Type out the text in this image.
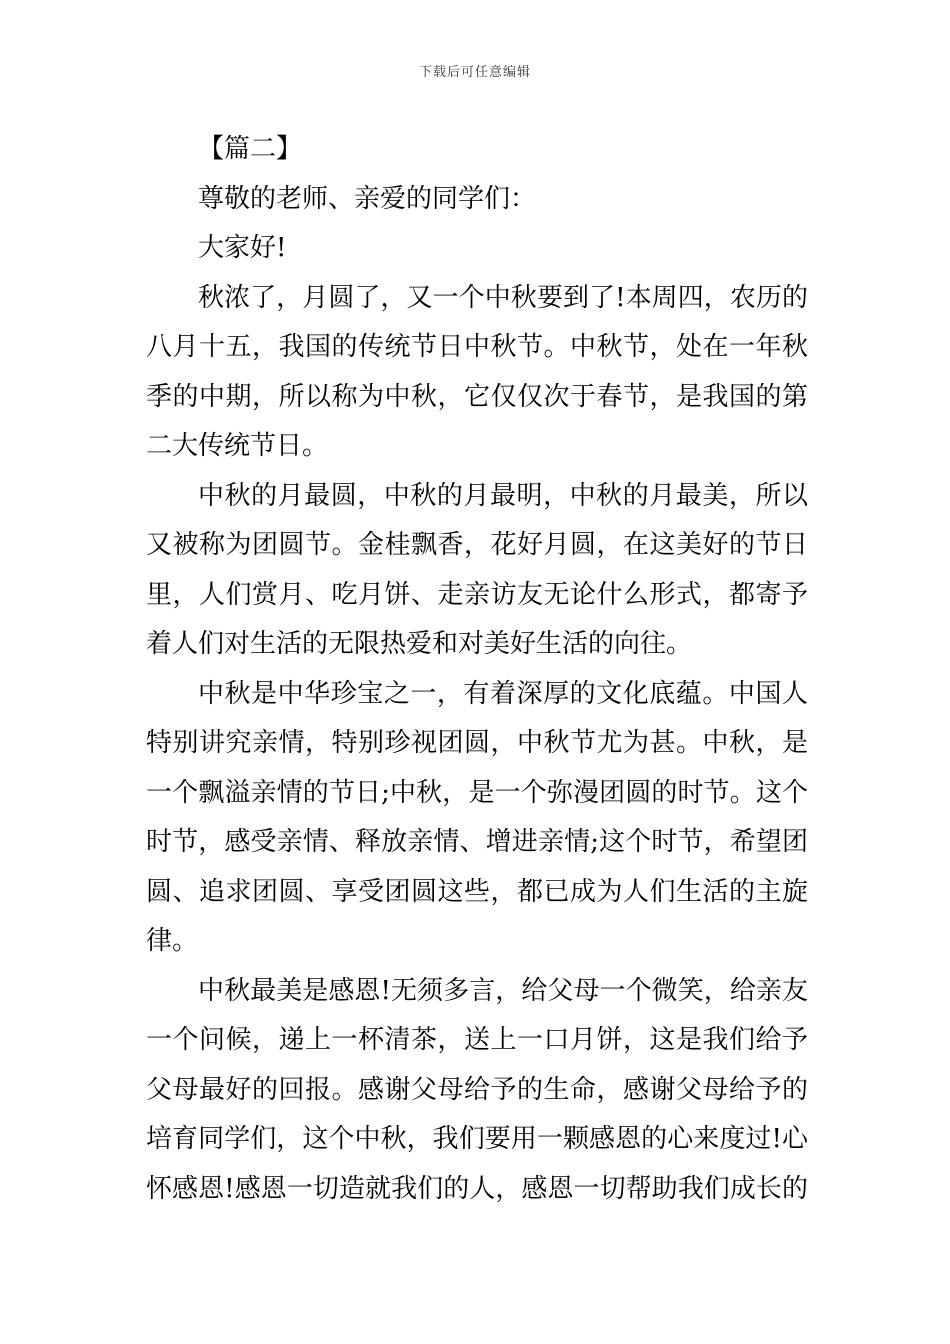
下载后可任意编辑
【篇二】
尊敬的老师、亲爱的同学们：
大家好!
秋浓了，月圆了，又一个中秋要到了!本周四，农历的
八月十五，我国的传统节日中秋节。中秋节，处在一年秋
季的中期，所以称为中秋，它仅仅次于春节，是我国的第
二大传统节日。
中秋的月最圆，中秋的月最明，中秋的月最美，所以
又被称为团圆节。金桂飘香，花好月圆，在这美好的节日
里，人们赏月、吃月饼、走亲访友无论什么形式，都寄予
着人们对生活的无限热爱和对美好生活的向往。
中秋是中华珍宝之一，有着深厚的文化底蕴。中国人
特别讲究亲情，特别珍视团圆，中秋节尤为甚。中秋，是
一个飘溢亲情的节日;中秋，是一个弥漫团圆的时节。这个
时节，感受亲情、释放亲情、增进亲情;这个时节，希望团
圆、追求团圆、享受团圆这些，都已成为人们生活的主旋
律。
中秋最美是感恩!无须多言，给父母一个微笑，给亲友
一个问候，递上一杯清茶，送上一口月饼，这是我们给予
父母最好的回报。感谢父母给予的生命，感谢父母给予的
培育同学们，这个中秋，我们要用一颗感恩的心来度过!心
怀感恩!感恩一切造就我们的人，感恩一切帮助我们成长的
